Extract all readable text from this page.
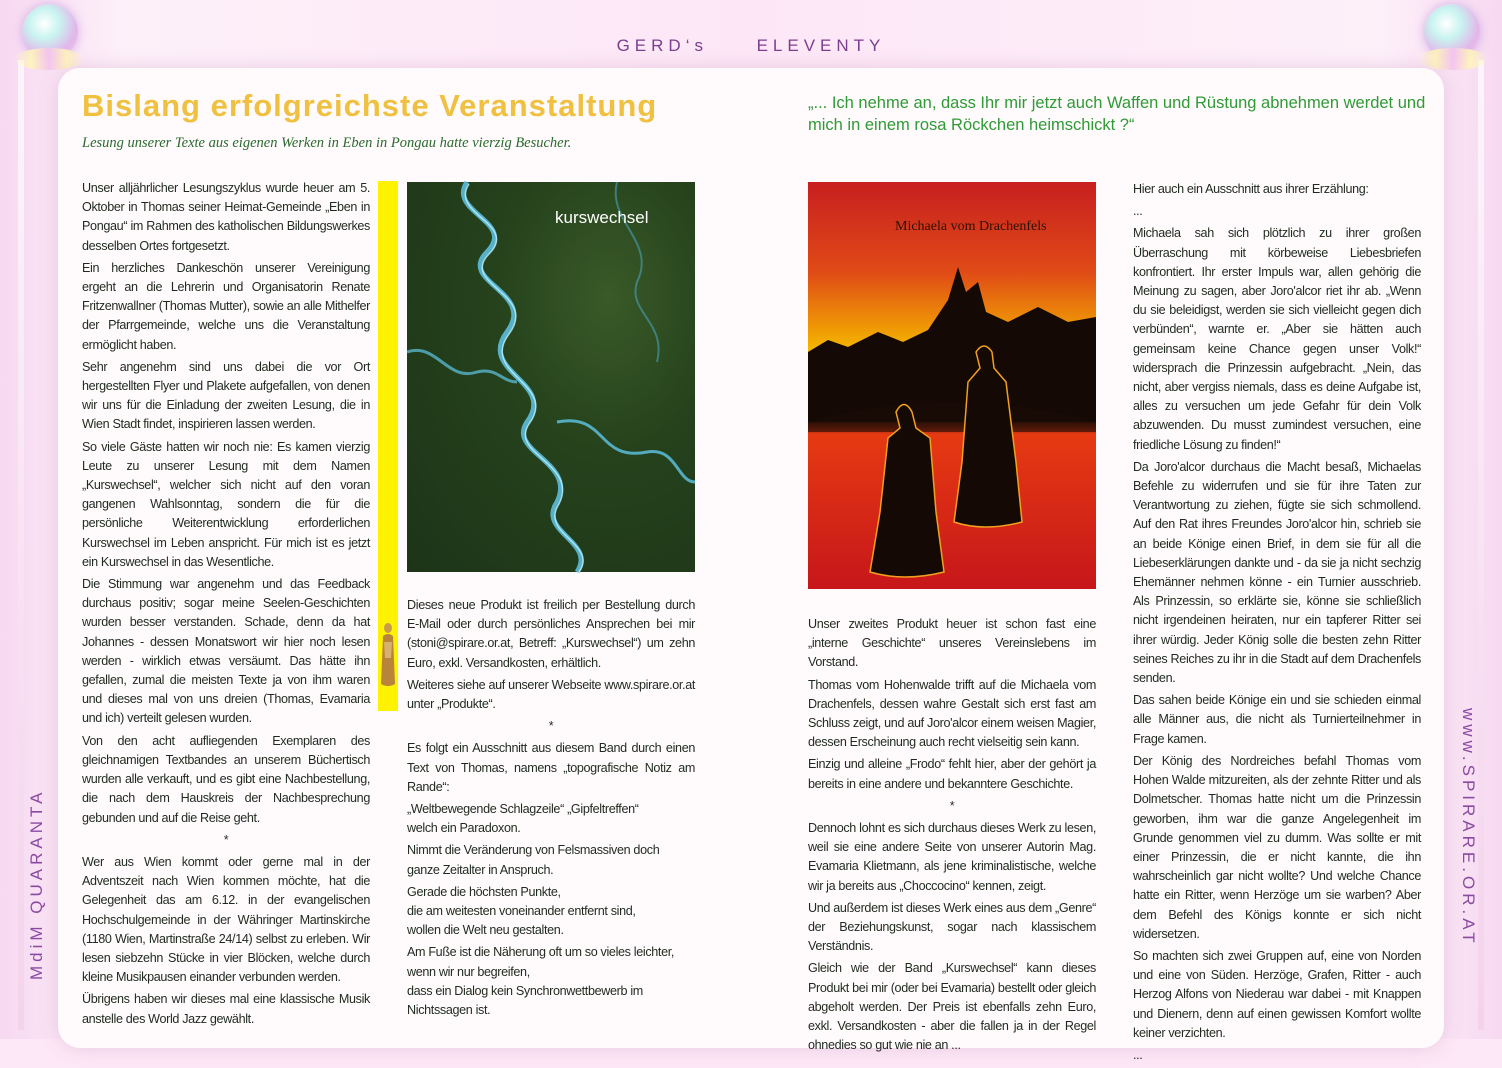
GERD‘s     ELEVENTY
MdiM QUARANTA	www.SPIRARE.OR.AT
Bislang erfolgreichste Veranstaltung
Lesung unserer Texte aus eigenen Werken in Eben in Pongau hatte vierzig Besucher.
„... Ich nehme an, dass Ihr mir jetzt auch Waffen und Rüstung abnehmen werdet und mich in einem rosa Röckchen heimschickt ?“

Unser alljährlicher Lesungszyklus wurde heuer am 5. Oktober in Thomas seiner Heimat-Gemeinde „Eben in Pongau“ im Rahmen des katholischen Bildungswerkes desselben Ortes fortgesetzt.

Ein herzliches Dankeschön unserer Vereinigung ergeht an die Lehrerin und Organisatorin Renate Fritzenwallner (Thomas Mutter), sowie an alle Mithelfer der Pfarrgemeinde, welche uns die Veranstaltung ermöglicht haben.

Sehr angenehm sind uns dabei die vor Ort hergestellten Flyer und Plakete aufgefallen, von denen wir uns für die Einladung der zweiten Lesung, die in Wien Stadt findet, inspirieren lassen werden.

So viele Gäste hatten wir noch nie: Es kamen vierzig Leute zu unserer Lesung mit dem Namen „Kurswechsel“, welcher sich nicht auf den voran gangenen Wahlsonntag, sondern die für die persönliche Weiterentwicklung erforderlichen Kurswechsel im Leben anspricht. Für mich ist es jetzt ein Kurswechsel in das Wesentliche.

Die Stimmung war angenehm und das Feedback durchaus positiv; sogar meine Seelen-Geschichten wurden besser verstanden. Schade, denn da hat Johannes - dessen Monatswort wir hier noch lesen werden - wirklich etwas versäumt. Das hätte ihn gefallen, zumal die meisten Texte ja von ihm waren und dieses mal von uns dreien (Thomas, Evamaria und ich) verteilt gelesen wurden.

Von den acht aufliegenden Exemplaren des gleichnamigen Textbandes an unserem Büchertisch wurden alle verkauft, und es gibt eine Nachbestellung, die nach dem Hauskreis der Nachbesprechung gebunden und auf die Reise geht.

*

Wer aus Wien kommt oder gerne mal in der Adventszeit nach Wien kommen möchte, hat die Gelegenheit das am 6.12. in der evangelischen Hochschulgemeinde in der Währinger Martinskirche (1180 Wien, Martinstraße 24/14) selbst zu erleben. Wir lesen siebzehn Stücke in vier Blöcken, welche durch kleine Musikpausen einander verbunden werden.

Übrigens haben wir dieses mal eine klassische Musik anstelle des World Jazz gewählt.

kurswechsel

Dieses neue Produkt ist freilich per Bestellung durch E-Mail oder durch persönliches Ansprechen bei mir (stoni@spirare.or.at, Betreff: „Kurswechsel“) um zehn Euro, exkl. Versandkosten, erhältlich.

Weiteres siehe auf unserer Webseite www.spirare.or.at unter „Produkte“.

*

Es folgt ein Ausschnitt aus diesem Band durch einen Text von Thomas, namens „topografische Notiz am Rande“:

„Weltbewegende Schlagzeile“ „Gipfeltreffen“
welch ein Paradoxon.

Nimmt die Veränderung von Felsmassiven doch ganze Zeitalter in Anspruch.

Gerade die höchsten Punkte,
die am weitesten voneinander entfernt sind,
wollen die Welt neu gestalten.

Am Fuße ist die Näherung oft um so vieles leichter,
wenn wir nur begreifen,
dass ein Dialog kein Synchronwettbewerb im Nichtssagen ist.

Michaela vom Drachenfels

Unser zweites Produkt heuer ist schon fast eine „interne Geschichte“ unseres Vereinslebens im Vorstand.

Thomas vom Hohenwalde trifft auf die Michaela vom Drachenfels, dessen wahre Gestalt sich erst fast am Schluss zeigt, und auf Joro'alcor einem weisen Magier, dessen Erscheinung auch recht vielseitig sein kann.

Einzig und alleine „Frodo“ fehlt hier, aber der gehört ja bereits in eine andere und bekanntere Geschichte.

*

Dennoch lohnt es sich durchaus dieses Werk zu lesen, weil sie eine andere Seite von unserer Autorin Mag. Evamaria Klietmann, als jene kriminalistische, welche wir ja bereits aus „Choccocino“ kennen, zeigt.

Und außerdem ist dieses Werk eines aus dem „Genre“ der Beziehungskunst, sogar nach klassischem Verständnis.

Gleich wie der Band „Kurswechsel“ kann dieses Produkt bei mir (oder bei Evamaria) bestellt oder gleich abgeholt werden. Der Preis ist ebenfalls zehn Euro, exkl. Versandkosten - aber die fallen ja in der Regel ohnedies so gut wie nie an ...

Hier auch ein Ausschnitt aus ihrer Erzählung:

...

Michaela sah sich plötzlich zu ihrer großen Überraschung mit körbeweise Liebesbriefen konfrontiert. Ihr erster Impuls war, allen gehörig die Meinung zu sagen, aber Joro'alcor riet ihr ab. „Wenn du sie beleidigst, werden sie sich vielleicht gegen dich verbünden“, warnte er. „Aber sie hätten auch gemeinsam keine Chance gegen unser Volk!“ widersprach die Prinzessin aufgebracht. „Nein, das nicht, aber vergiss niemals, dass es deine Aufgabe ist, alles zu versuchen um jede Gefahr für dein Volk abzuwenden. Du musst zumindest versuchen, eine friedliche Lösung zu finden!“

Da Joro'alcor durchaus die Macht besaß, Michaelas Befehle zu widerrufen und sie für ihre Taten zur Verantwortung zu ziehen, fügte sie sich schmollend. Auf den Rat ihres Freundes Joro'alcor hin, schrieb sie an beide Könige einen Brief, in dem sie für all die Liebeserklärungen dankte und - da sie ja nicht sechzig Ehemänner nehmen könne - ein Turnier ausschrieb. Als Prinzessin, so erklärte sie, könne sie schließlich nicht irgendeinen heiraten, nur ein tapferer Ritter sei ihrer würdig. Jeder König solle die besten zehn Ritter seines Reiches zu ihr in die Stadt auf dem Drachenfels senden.

Das sahen beide Könige ein und sie schieden einmal alle Männer aus, die nicht als Turnierteilnehmer in Frage kamen.

Der König des Nordreiches befahl Thomas vom Hohen Walde mitzureiten, als der zehnte Ritter und als Dolmetscher. Thomas hatte nicht um die Prinzessin geworben, ihm war die ganze Angelegenheit im Grunde genommen viel zu dumm. Was sollte er mit einer Prinzessin, die er nicht kannte, die ihn wahrscheinlich gar nicht wollte? Und welche Chance hatte ein Ritter, wenn Herzöge um sie warben? Aber dem Befehl des Königs konnte er sich nicht widersetzen.

So machten sich zwei Gruppen auf, eine von Norden und eine von Süden. Herzöge, Grafen, Ritter - auch Herzog Alfons von Niederau war dabei - mit Knappen und Dienern, denn auf einen gewissen Komfort wollte keiner verzichten.

...
